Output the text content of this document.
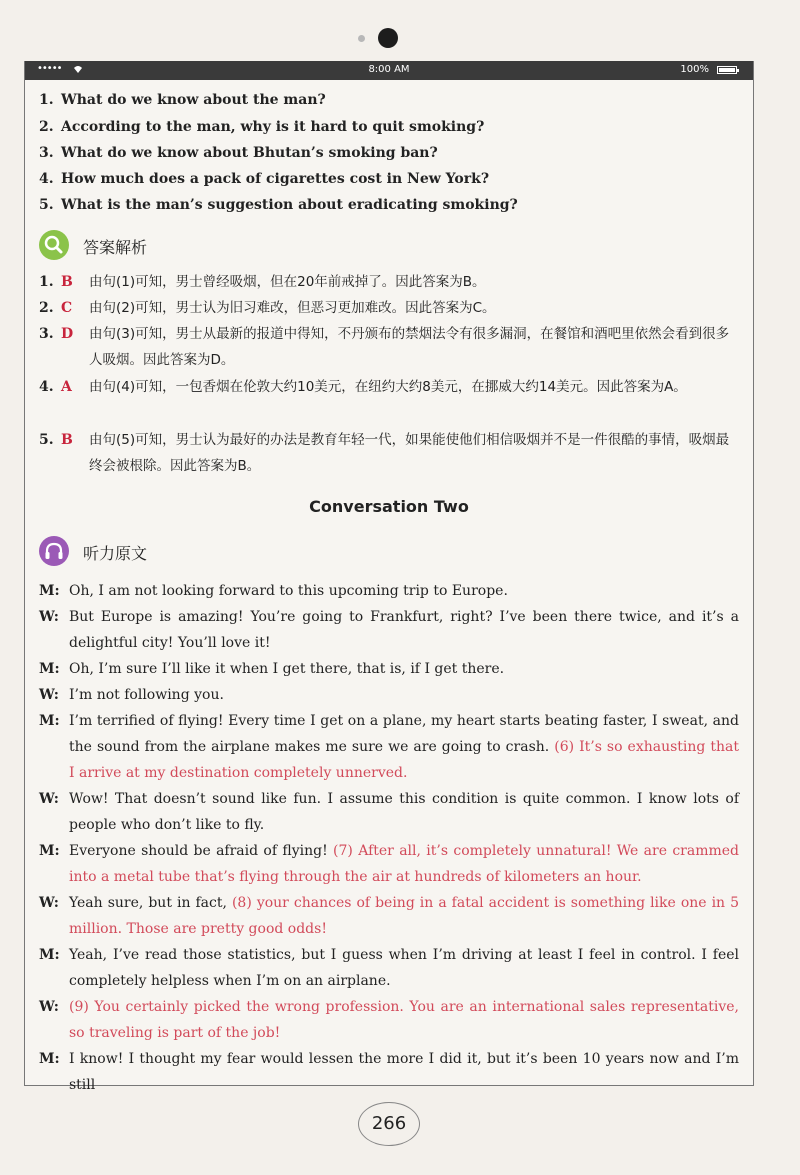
•••••	8:00 AM	100%
1. What do we know about the man?
2. According to the man, why is it hard to quit smoking?
3. What do we know about Bhutan’s smoking ban?
4. How much does a pack of cigarettes cost in New York?
5. What is the man’s suggestion about eradicating smoking?
答案解析
1. B 由句(1)可知，男士曾经吸烟，但在20年前戒掉了。因此答案为B。
2. C 由句(2)可知，男士认为旧习难改，但恶习更加难改。因此答案为C。
3. D 由句(3)可知，男士从最新的报道中得知，不丹颁布的禁烟法令有很多漏洞，在餐馆和酒吧里依然会看到很多人吸烟。因此答案为D。
4. A 由句(4)可知，一包香烟在伦敦大约10美元，在纽约大约8美元，在挪威大约14美元。因此答案为A。
5. B 由句(5)可知，男士认为最好的办法是教育年轻一代，如果能使他们相信吸烟并不是一件很酷的事情，吸烟最终会被根除。因此答案为B。
Conversation Two
听力原文
M: Oh, I am not looking forward to this upcoming trip to Europe.
W: But Europe is amazing! You’re going to Frankfurt, right? I’ve been there twice, and it’s a delightful city! You’ll love it!
M: Oh, I’m sure I’ll like it when I get there, that is, if I get there.
W: I’m not following you.
M: I’m terrified of flying! Every time I get on a plane, my heart starts beating faster, I sweat, and the sound from the airplane makes me sure we are going to crash. (6) It’s so exhausting that I arrive at my destination completely unnerved.
W: Wow! That doesn’t sound like fun. I assume this condition is quite common. I know lots of people who don’t like to fly.
M: Everyone should be afraid of flying! (7) After all, it’s completely unnatural! We are crammed into a metal tube that’s flying through the air at hundreds of kilometers an hour.
W: Yeah sure, but in fact, (8) your chances of being in a fatal accident is something like one in 5 million. Those are pretty good odds!
M: Yeah, I’ve read those statistics, but I guess when I’m driving at least I feel in control. I feel completely helpless when I’m on an airplane.
W: (9) You certainly picked the wrong profession. You are an international sales representative, so traveling is part of the job!
M: I know! I thought my fear would lessen the more I did it, but it’s been 10 years now and I’m still
266
